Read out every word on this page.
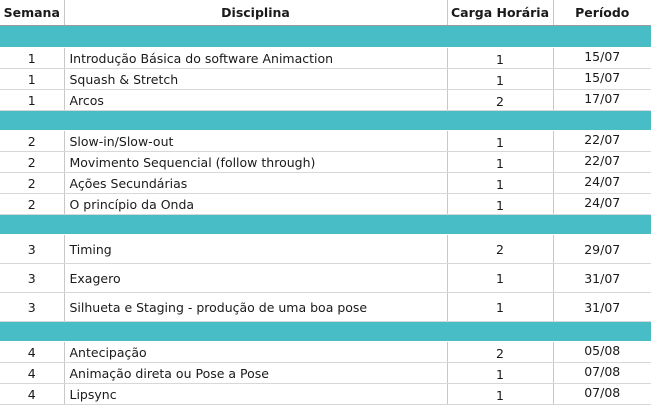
Semana	Disciplina	Carga Horária	Período

1	Introdução Básica do software Animaction	1	15/07
1	Squash & Stretch	1	15/07
1	Arcos	2	17/07

2	Slow-in/Slow-out	1	22/07
2	Movimento Sequencial (follow through)	1	22/07
2	Ações Secundárias	1	24/07
2	O princípio da Onda	1	24/07

3	Timing	2	29/07
3	Exagero	1	31/07
3	Silhueta e Staging - produção de uma boa pose	1	31/07

4	Antecipação	2	05/08
4	Animação direta ou Pose a Pose	1	07/08
4	Lipsync	1	07/08
